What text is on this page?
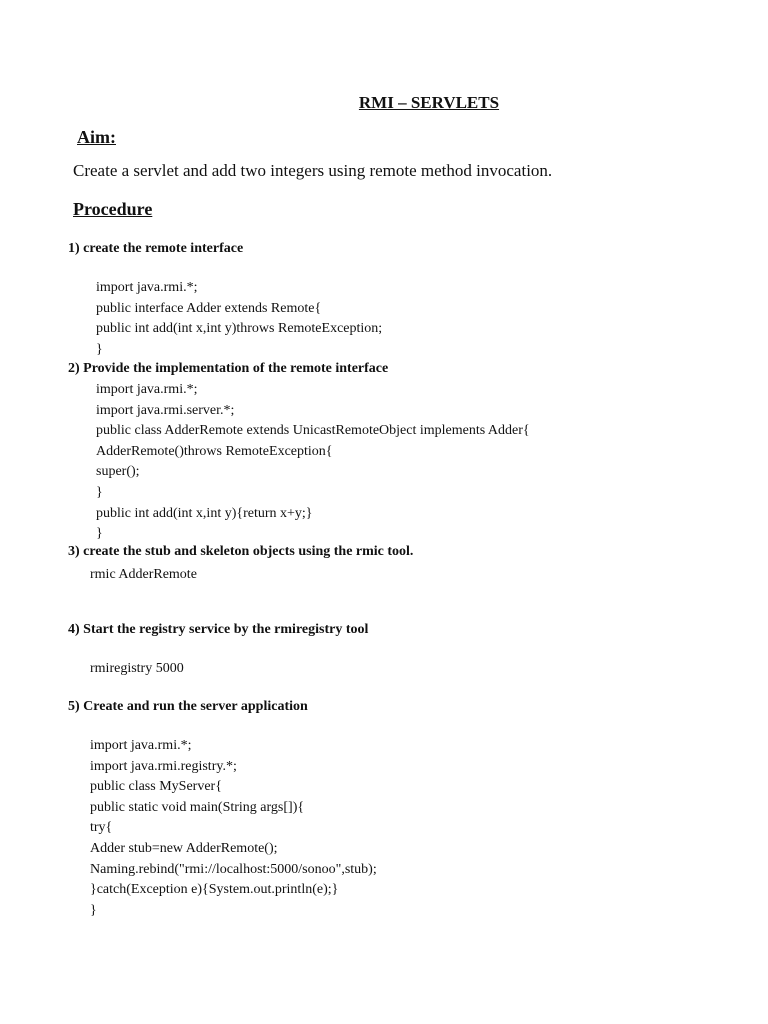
RMI – SERVLETS
Aim:
Create a servlet and add two integers using remote method invocation.
Procedure
1) create the remote interface
import java.rmi.*;
public interface Adder extends Remote{
public int add(int x,int y)throws RemoteException;
}
2) Provide the implementation of the remote interface
import java.rmi.*;
import java.rmi.server.*;
public class AdderRemote extends UnicastRemoteObject implements Adder{
AdderRemote()throws RemoteException{
super();
}
public int add(int x,int y){return x+y;}
}
3) create the stub and skeleton objects using the rmic tool.
rmic AdderRemote
4) Start the registry service by the rmiregistry tool
rmiregistry 5000
5) Create and run the server application
import java.rmi.*;
import java.rmi.registry.*;
public class MyServer{
public static void main(String args[]){
try{
Adder stub=new AdderRemote();
Naming.rebind("rmi://localhost:5000/sonoo",stub);
}catch(Exception e){System.out.println(e);}
}
